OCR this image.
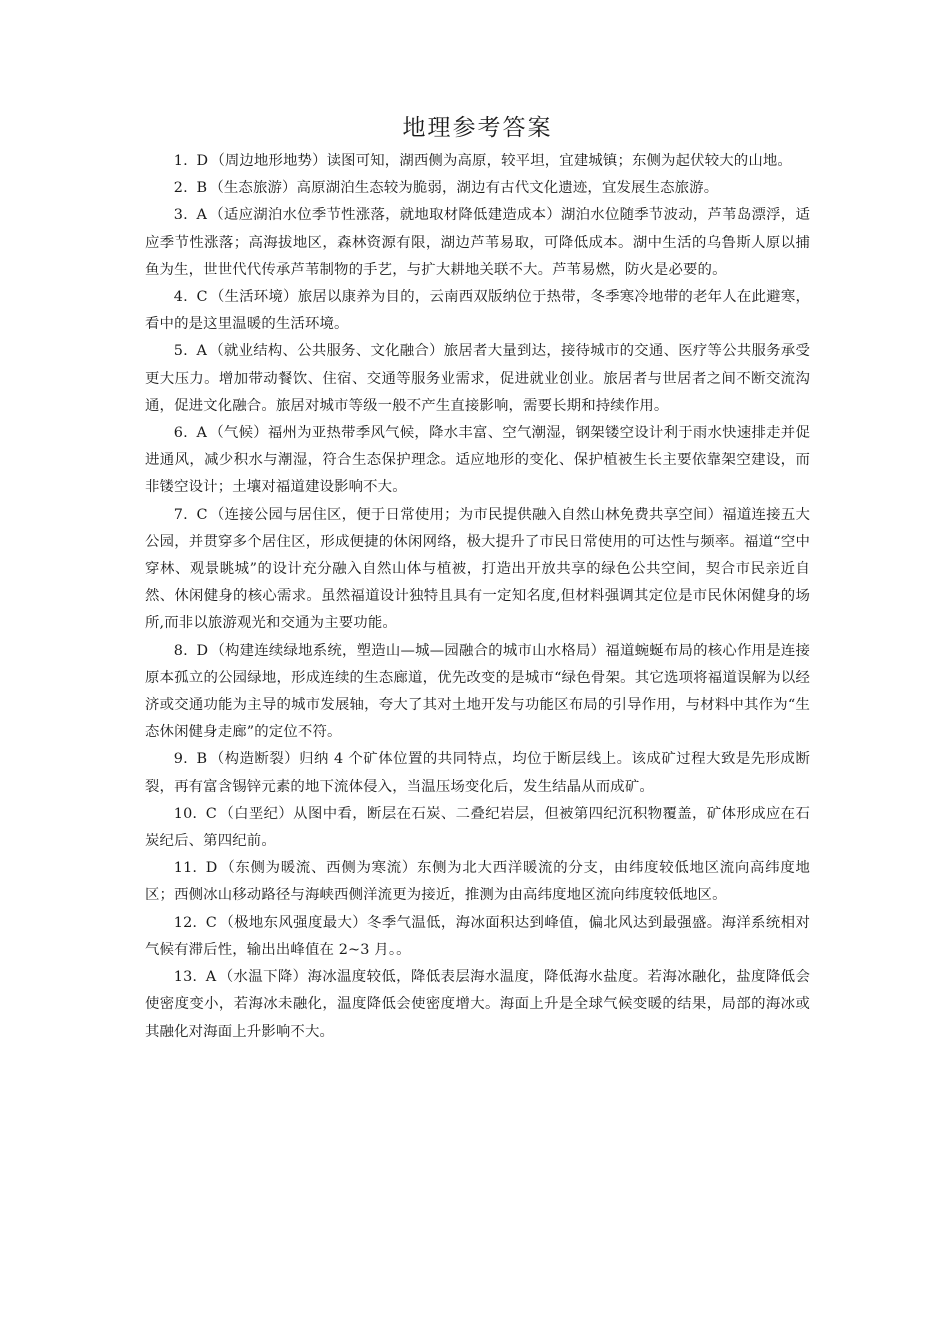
地理参考答案

1. D （周边地形地势）读图可知，湖西侧为高原，较平坦，宜建城镇；东侧为起伏较大的山地。

2. B （生态旅游）高原湖泊生态较为脆弱，湖边有古代文化遗迹，宜发展生态旅游。

3. A （适应湖泊水位季节性涨落，就地取材降低建造成本）湖泊水位随季节波动，芦苇岛漂浮，适应季节性涨落；高海拔地区，森林资源有限，湖边芦苇易取，可降低成本。湖中生活的乌鲁斯人原以捕鱼为生，世世代代传承芦苇制物的手艺，与扩大耕地关联不大。芦苇易燃，防火是必要的。

4. C （生活环境）旅居以康养为目的，云南西双版纳位于热带，冬季寒冷地带的老年人在此避寒，看中的是这里温暖的生活环境。

5. A （就业结构、公共服务、文化融合）旅居者大量到达，接待城市的交通、医疗等公共服务承受更大压力。增加带动餐饮、住宿、交通等服务业需求，促进就业创业。旅居者与世居者之间不断交流沟通，促进文化融合。旅居对城市等级一般不产生直接影响，需要长期和持续作用。

6. A （气候）福州为亚热带季风气候，降水丰富、空气潮湿，钢架镂空设计利于雨水快速排走并促进通风，减少积水与潮湿，符合生态保护理念。适应地形的变化、保护植被生长主要依靠架空建设，而非镂空设计；土壤对福道建设影响不大。

7. C （连接公园与居住区，便于日常使用；为市民提供融入自然山林免费共享空间）福道连接五大公园，并贯穿多个居住区，形成便捷的休闲网络，极大提升了市民日常使用的可达性与频率。福道“空中穿林、观景眺城”的设计充分融入自然山体与植被，打造出开放共享的绿色公共空间，契合市民亲近自然、休闲健身的核心需求。虽然福道设计独特且具有一定知名度,但材料强调其定位是市民休闲健身的场所,而非以旅游观光和交通为主要功能。

8. D （构建连续绿地系统，塑造山—城—园融合的城市山水格局）福道蜿蜒布局的核心作用是连接原本孤立的公园绿地，形成连续的生态廊道，优先改变的是城市“绿色骨架。其它选项将福道误解为以经济或交通功能为主导的城市发展轴，夸大了其对土地开发与功能区布局的引导作用，与材料中其作为“生态休闲健身走廊”的定位不符。

9. B （构造断裂）归纳 4 个矿体位置的共同特点，均位于断层线上。该成矿过程大致是先形成断裂，再有富含锡锌元素的地下流体侵入，当温压场变化后，发生结晶从而成矿。

10. C （白垩纪）从图中看，断层在石炭、二叠纪岩层，但被第四纪沉积物覆盖，矿体形成应在石炭纪后、第四纪前。

11. D （东侧为暖流、西侧为寒流）东侧为北大西洋暖流的分支，由纬度较低地区流向高纬度地区；西侧冰山移动路径与海峡西侧洋流更为接近，推测为由高纬度地区流向纬度较低地区。

12. C （极地东风强度最大）冬季气温低，海冰面积达到峰值，偏北风达到最强盛。海洋系统相对气候有滞后性，输出出峰值在 2~3 月。。

13. A （水温下降）海冰温度较低，降低表层海水温度，降低海水盐度。若海冰融化，盐度降低会使密度变小，若海冰未融化，温度降低会使密度增大。海面上升是全球气候变暖的结果，局部的海冰或其融化对海面上升影响不大。
